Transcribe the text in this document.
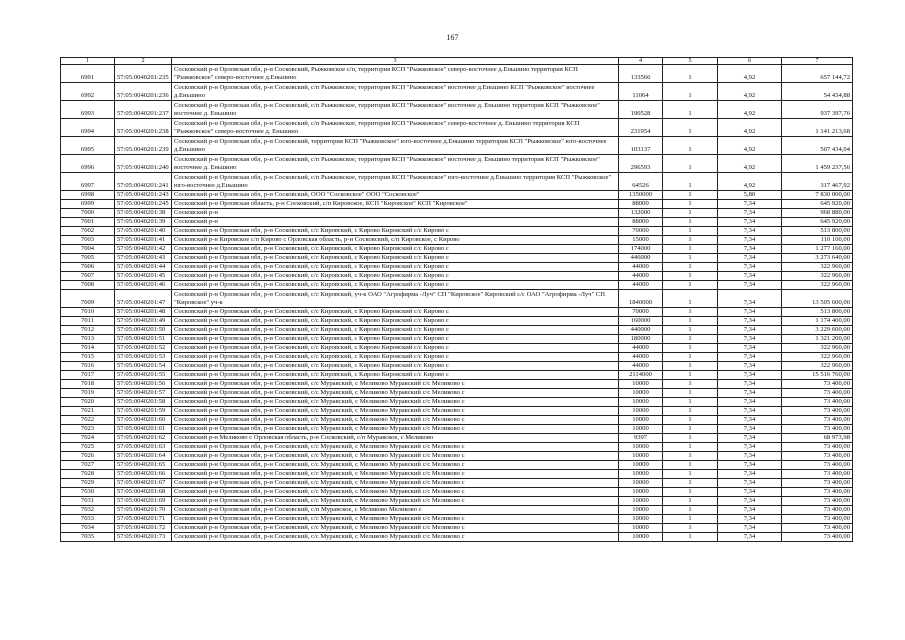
167
1	2	3	4	5	6	7
6991	57:05:0040201:235	Сосковский р-н Орловская обл, р-н Сосковский, Рыжковское с/п, территория КСП "Рыжковское" северо-восточнее д.Еньшино территория КСП "Рыжковское" северо-восточнее д.Еньшино	133566	1	4,92	657 144,72
6992	57:05:0040201:236	Сосковский р-н Орловская обл, р-н Сосковский, с/п Рыжковское, территория КСП "Рыжковское" восточнее д.Еньшино КСП "Рыжковское" восточнее д.Еньшино	11064	1	4,92	54 434,88
6993	57:05:0040201:237	Сосковский р-н Орловская обл, р-н Сосковский, с/п Рыжковское, территория КСП "Рыжковское" восточнее д. Еньшино территория КСП "Рыжковское" восточнее д. Еньшино	190528	1	4,92	937 397,76
6994	57:05:0040201:238	Сосковский р-н Орловская обл, р-н Сосковский, с/п Рыжковское, территория КСП "Рыжковское" северо-восточнее д. Еньшино территория КСП "Рыжковское" северо-восточнее д. Еньшино	231954	1	4,92	1 141 213,68
6995	57:05:0040201:239	Сосковский р-н Орловская обл, р-н Сосковский, территория КСП "Рыжковское" юго-восточнее д.Еньшино территория КСП "Рыжковское" юго-восточнее д.Еньшино	103137	1	4,92	507 434,04
6996	57:05:0040201:240	Сосковский р-н Орловская обл, р-н Сосковский, с/п Рыжковское, территория КСП "Рыжковское" восточнее д. Еньшино территория КСП "Рыжковское" восточнее д. Еньшино	296593	1	4,92	1 459 237,56
6997	57:05:0040201:241	Сосковский р-н Орловская обл, р-н Сосковский, с/п Рыжковское, территория КСП "Рыжковское" юго-восточнее д.Еньшино территория КСП "Рыжковское" юго-восточнее д.Еньшино	64526	1	4,92	317 467,92
6998	57:05:0040201:243	Сосковский р-н Орловская обл, р-н Сосковский, ООО "Сосковское" ООО "Сосковское"	1350000	1	5,80	7 830 000,00
6999	57:05:0040201:245	Сосковский р-н Орловская область, р-н Сосковский, с/п Кировское, КСП "Кировское" КСП "Кировское"	88000	1	7,34	645 920,00
7000	57:05:0040201:38	Сосковский р-н	132000	1	7,34	968 880,00
7001	57:05:0040201:39	Сосковский р-н	88000	1	7,34	645 920,00
7002	57:05:0040201:40	Сосковский р-н Орловская обл, р-н Сосковский, с/с Кировский, с Кирово Кировский с/с Кирово с	70000	1	7,34	513 800,00
7003	57:05:0040201:41	Сосковский р-н Кировское с/п Кирово с Орловская область, р-н Сосковский, с/п Кировское, с Кирово	15000	1	7,34	110 100,00
7004	57:05:0040201:42	Сосковский р-н Орловская обл, р-н Сосковский, с/с Кировский, с Кирово Кировский с/с Кирово с	174000	1	7,34	1 277 160,00
7005	57:05:0040201:43	Сосковский р-н Орловская обл, р-н Сосковский, с/с Кировский, с Кирово Кировский с/с Кирово с	446000	1	7,34	3 273 640,00
7006	57:05:0040201:44	Сосковский р-н Орловская обл, р-н Сосковский, с/с Кировский, с Кирово Кировский с/с Кирово с	44000	1	7,34	322 960,00
7007	57:05:0040201:45	Сосковский р-н Орловская обл, р-н Сосковский, с/с Кировский, с Кирово Кировский с/с Кирово с	44000	1	7,34	322 960,00
7008	57:05:0040201:46	Сосковский р-н Орловская обл, р-н Сосковский, с/с Кировский, с Кирово Кировский с/с Кирово с	44000	1	7,34	322 960,00
7009	57:05:0040201:47	Сосковский р-н Орловская обл, р-н Сосковский, с/с Кировский, уч-к ОАО "Агрофирма -Луч" СП "Кировское" Кировский с/с ОАО "Агрофирма -Луч" СП "Кировское" уч-к	1840000	1	7,34	13 505 600,00
7010	57:05:0040201:48	Сосковский р-н Орловская обл, р-н Сосковский, с/с Кировский, с Кирово Кировский с/с Кирово с	70000	1	7,34	513 800,00
7011	57:05:0040201:49	Сосковский р-н Орловская обл, р-н Сосковский, с/с Кировский, с Кирово Кировский с/с Кирово с	160000	1	7,34	1 174 400,00
7012	57:05:0040201:50	Сосковский р-н Орловская обл, р-н Сосковский, с/с Кировский, с Кирово Кировский с/с Кирово с	440000	1	7,34	3 229 600,00
7013	57:05:0040201:51	Сосковский р-н Орловская обл, р-н Сосковский, с/с Кировский, с Кирово Кировский с/с Кирово с	180000	1	7,34	1 321 200,00
7014	57:05:0040201:52	Сосковский р-н Орловская обл, р-н Сосковский, с/с Кировский, с Кирово Кировский с/с Кирово с	44000	1	7,34	322 960,00
7015	57:05:0040201:53	Сосковский р-н Орловская обл, р-н Сосковский, с/с Кировский, с Кирово Кировский с/с Кирово с	44000	1	7,34	322 960,00
7016	57:05:0040201:54	Сосковский р-н Орловская обл, р-н Сосковский, с/с Кировский, с Кирово Кировский с/с Кирово с	44000	1	7,34	322 960,00
7017	57:05:0040201:55	Сосковский р-н Орловская обл, р-н Сосковский, с/с Кировский, с Кирово Кировский с/с Кирово с	2114000	1	7,34	15 516 760,00
7018	57:05:0040201:56	Сосковский р-н Орловская обл, р-н Сосковский, с/с Муравский, с Меликово Муравский с/с Меликово с	10000	1	7,34	73 400,00
7019	57:05:0040201:57	Сосковский р-н Орловская обл, р-н Сосковский, с/с Муравский, с Меликово Муравский с/с Меликово с	10000	1	7,34	73 400,00
7020	57:05:0040201:58	Сосковский р-н Орловская обл, р-н Сосковский, с/с Муравский, с Меликово Муравский с/с Меликово с	10000	1	7,34	73 400,00
7021	57:05:0040201:59	Сосковский р-н Орловская обл, р-н Сосковский, с/с Муравский, с Меликово Муравский с/с Меликово с	10000	1	7,34	73 400,00
7022	57:05:0040201:60	Сосковский р-н Орловская обл, р-н Сосковский, с/с Муравский, с Меликово Муравский с/с Меликово с	10000	1	7,34	73 400,00
7023	57:05:0040201:61	Сосковский р-н Орловская обл, р-н Сосковский, с/с Муравский, с Меликово Муравский с/с Меликово с	10000	1	7,34	73 400,00
7024	57:05:0040201:62	Сосковский р-н Меликово с Орловская область, р-н Сосковский, с/п Муравское, с Меликово	9397	1	7,34	68 973,98
7025	57:05:0040201:63	Сосковский р-н Орловская обл, р-н Сосковский, с/с Муравский, с Меликово Муравский с/с Меликово с	10000	1	7,34	73 400,00
7026	57:05:0040201:64	Сосковский р-н Орловская обл, р-н Сосковский, с/с Муравский, с Меликово Муравский с/с Меликово с	10000	1	7,34	73 400,00
7027	57:05:0040201:65	Сосковский р-н Орловская обл, р-н Сосковский, с/с Муравский, с Меликово Муравский с/с Меликово с	10000	1	7,34	73 400,00
7028	57:05:0040201:66	Сосковский р-н Орловская обл, р-н Сосковский, с/с Муравский, с Меликово Муравский с/с Меликово с	10000	1	7,34	73 400,00
7029	57:05:0040201:67	Сосковский р-н Орловская обл, р-н Сосковский, с/с Муравский, с Меликово Муравский с/с Меликово с	10000	1	7,34	73 400,00
7030	57:05:0040201:68	Сосковский р-н Орловская обл, р-н Сосковский, с/с Муравский, с Меликово Муравский с/с Меликово с	10000	1	7,34	73 400,00
7031	57:05:0040201:69	Сосковский р-н Орловская обл, р-н Сосковский, с/с Муравский, с Меликово Муравский с/с Меликово с	10000	1	7,34	73 400,00
7032	57:05:0040201:70	Сосковский р-н Орловская обл, р-н Сосковский, с/п Муравское, с Меликово Меликово с	10000	1	7,34	73 400,00
7033	57:05:0040201:71	Сосковский р-н Орловская обл, р-н Сосковский, с/с Муравский, с Меликово Муравский с/с Меликово с	10000	1	7,34	73 400,00
7034	57:05:0040201:72	Сосковский р-н Орловская обл, р-н Сосковский, с/с Муравский, с Меликово Муравский с/с Меликово с	10000	1	7,34	73 400,00
7035	57:05:0040201:73	Сосковский р-н Орловская обл, р-н Сосковский, с/с Муравский, с Меликово Муравский с/с Меликово с	10000	1	7,34	73 400,00
